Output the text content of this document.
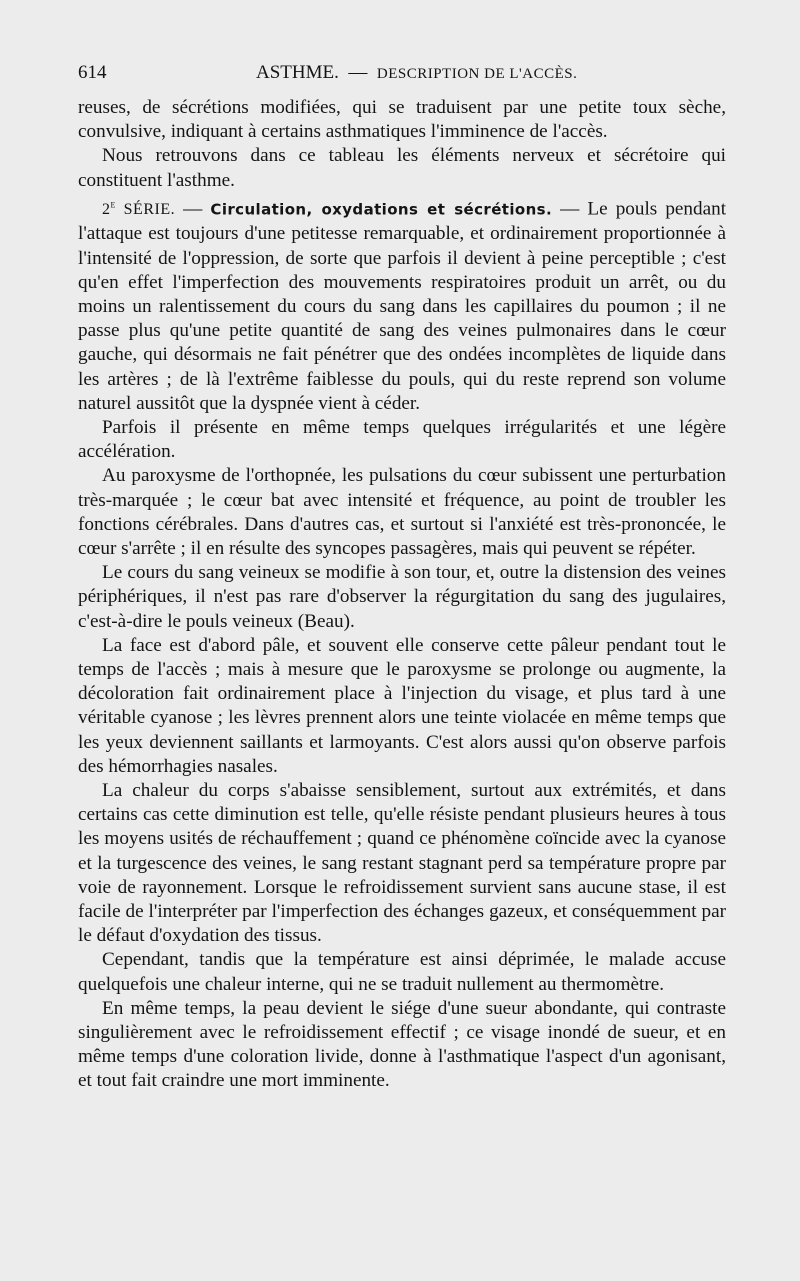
614	ASTHME. — DESCRIPTION DE L'ACCÈS.

reuses, de sécrétions modifiées, qui se traduisent par une petite toux sèche, convulsive, indiquant à certains asthmatiques l'imminence de l'accès.

Nous retrouvons dans ce tableau les éléments nerveux et sécrétoire qui constituent l'asthme.

2e SÉRIE. — Circulation, oxydations et sécrétions. — Le pouls pendant l'attaque est toujours d'une petitesse remarquable, et ordinairement proportionnée à l'intensité de l'oppression, de sorte que parfois il devient à peine perceptible ; c'est qu'en effet l'imperfection des mouvements respiratoires produit un arrêt, ou du moins un ralentissement du cours du sang dans les capillaires du poumon ; il ne passe plus qu'une petite quantité de sang des veines pulmonaires dans le cœur gauche, qui désormais ne fait pénétrer que des ondées incomplètes de liquide dans les artères ; de là l'extrême faiblesse du pouls, qui du reste reprend son volume naturel aussitôt que la dyspnée vient à céder.

Parfois il présente en même temps quelques irrégularités et une légère accélération.

Au paroxysme de l'orthopnée, les pulsations du cœur subissent une perturbation très-marquée ; le cœur bat avec intensité et fréquence, au point de troubler les fonctions cérébrales. Dans d'autres cas, et surtout si l'anxiété est très-prononcée, le cœur s'arrête ; il en résulte des syncopes passagères, mais qui peuvent se répéter.

Le cours du sang veineux se modifie à son tour, et, outre la distension des veines périphériques, il n'est pas rare d'observer la régurgitation du sang des jugulaires, c'est-à-dire le pouls veineux (Beau).

La face est d'abord pâle, et souvent elle conserve cette pâleur pendant tout le temps de l'accès ; mais à mesure que le paroxysme se prolonge ou augmente, la décoloration fait ordinairement place à l'injection du visage, et plus tard à une véritable cyanose ; les lèvres prennent alors une teinte violacée en même temps que les yeux deviennent saillants et larmoyants. C'est alors aussi qu'on observe parfois des hémorrhagies nasales.

La chaleur du corps s'abaisse sensiblement, surtout aux extrémités, et dans certains cas cette diminution est telle, qu'elle résiste pendant plusieurs heures à tous les moyens usités de réchauffement ; quand ce phénomène coïncide avec la cyanose et la turgescence des veines, le sang restant stagnant perd sa température propre par voie de rayonnement. Lorsque le refroidissement survient sans aucune stase, il est facile de l'interpréter par l'imperfection des échanges gazeux, et conséquemment par le défaut d'oxydation des tissus.

Cependant, tandis que la température est ainsi déprimée, le malade accuse quelquefois une chaleur interne, qui ne se traduit nullement au thermomètre.

En même temps, la peau devient le siége d'une sueur abondante, qui contraste singulièrement avec le refroidissement effectif ; ce visage inondé de sueur, et en même temps d'une coloration livide, donne à l'asthmatique l'aspect d'un agonisant, et tout fait craindre une mort imminente.
